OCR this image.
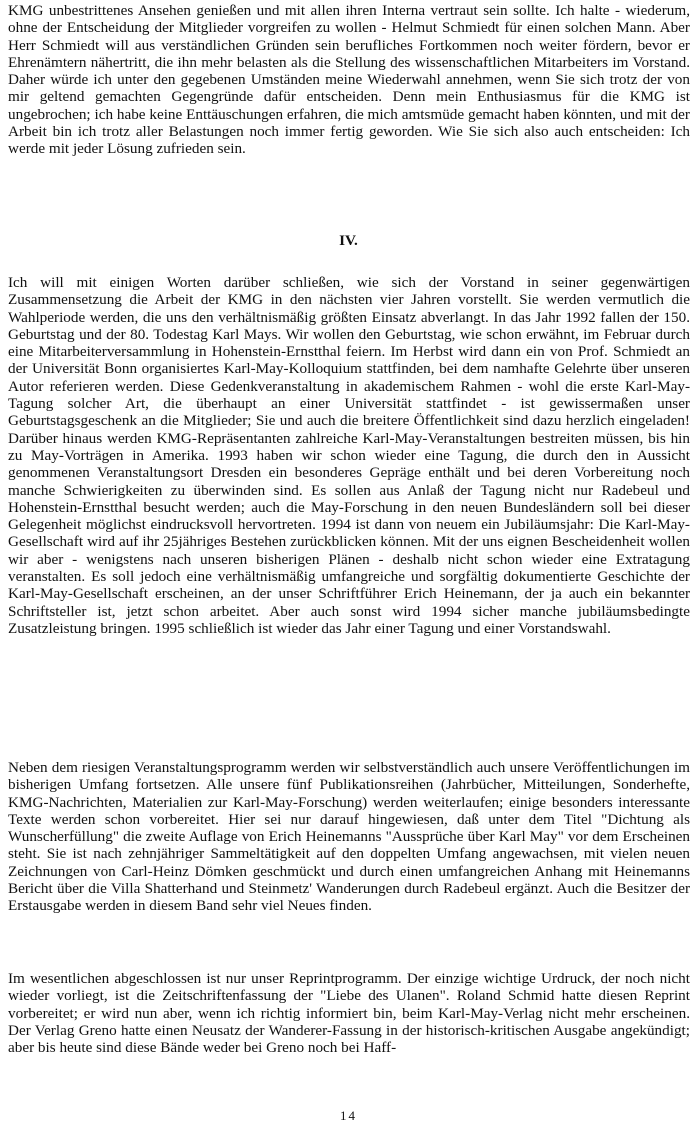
KMG unbestrittenes Ansehen genießen und mit allen ihren Interna vertraut sein sollte. Ich halte - wiederum, ohne der Entscheidung der Mitglieder vorgreifen zu wollen - Helmut Schmiedt für einen solchen Mann. Aber Herr Schmiedt will aus verständlichen Gründen sein berufliches Fortkommen noch weiter fördern, bevor er Ehrenämtern nähertritt, die ihn mehr belasten als die Stellung des wissenschaftlichen Mitarbeiters im Vorstand. Daher würde ich unter den gegebenen Umständen meine Wiederwahl annehmen, wenn Sie sich trotz der von mir geltend gemachten Gegengründe dafür entscheiden. Denn mein Enthusiasmus für die KMG ist ungebrochen; ich habe keine Enttäuschungen erfahren, die mich amtsmüde gemacht haben könnten, und mit der Arbeit bin ich trotz aller Belastungen noch immer fertig geworden. Wie Sie sich also auch entscheiden: Ich werde mit jeder Lösung zufrieden sein.

IV.

Ich will mit einigen Worten darüber schließen, wie sich der Vorstand in seiner gegenwärtigen Zusammensetzung die Arbeit der KMG in den nächsten vier Jahren vorstellt. Sie werden vermutlich die Wahlperiode werden, die uns den verhältnismäßig größten Einsatz abverlangt. In das Jahr 1992 fallen der 150. Geburtstag und der 80. Todestag Karl Mays. Wir wollen den Geburtstag, wie schon erwähnt, im Februar durch eine Mitarbeiterversammlung in Hohenstein-Ernstthal feiern. Im Herbst wird dann ein von Prof. Schmiedt an der Universität Bonn organisiertes Karl-May-Kolloquium stattfinden, bei dem namhafte Gelehrte über unseren Autor referieren werden. Diese Gedenkveranstaltung in akademischem Rahmen - wohl die erste Karl-May-Tagung solcher Art, die überhaupt an einer Universität stattfindet - ist gewissermaßen unser Geburtstagsgeschenk an die Mitglieder; Sie und auch die breitere Öffentlichkeit sind dazu herzlich eingeladen! Darüber hinaus werden KMG-Repräsentanten zahlreiche Karl-May-Veranstaltungen bestreiten müssen, bis hin zu May-Vorträgen in Amerika. 1993 haben wir schon wieder eine Tagung, die durch den in Aussicht genommenen Veranstaltungsort Dresden ein besonderes Gepräge enthält und bei deren Vorbereitung noch manche Schwierigkeiten zu überwinden sind. Es sollen aus Anlaß der Tagung nicht nur Radebeul und Hohenstein-Ernstthal besucht werden; auch die May-Forschung in den neuen Bundesländern soll bei dieser Gelegenheit möglichst eindrucksvoll hervortreten. 1994 ist dann von neuem ein Jubiläumsjahr: Die Karl-May-Gesellschaft wird auf ihr 25jähriges Bestehen zurückblicken können. Mit der uns eignen Bescheidenheit wollen wir aber - wenigstens nach unseren bisherigen Plänen - deshalb nicht schon wieder eine Extratagung veranstalten. Es soll jedoch eine verhältnismäßig umfangreiche und sorgfältig dokumentierte Geschichte der Karl-May-Gesellschaft erscheinen, an der unser Schriftführer Erich Heinemann, der ja auch ein bekannter Schriftsteller ist, jetzt schon arbeitet. Aber auch sonst wird 1994 sicher manche jubiläumsbedingte Zusatzleistung bringen. 1995 schließlich ist wieder das Jahr einer Tagung und einer Vorstandswahl.

Neben dem riesigen Veranstaltungsprogramm werden wir selbstverständlich auch unsere Veröffentlichungen im bisherigen Umfang fortsetzen. Alle unsere fünf Publikationsreihen (Jahrbücher, Mitteilungen, Sonderhefte, KMG-Nachrichten, Materialien zur Karl-May-Forschung) werden weiterlaufen; einige besonders interessante Texte werden schon vorbereitet. Hier sei nur darauf hingewiesen, daß unter dem Titel "Dichtung als Wunscherfüllung" die zweite Auflage von Erich Heinemanns "Aussprüche über Karl May" vor dem Erscheinen steht. Sie ist nach zehnjähriger Sammeltätigkeit auf den doppelten Umfang angewachsen, mit vielen neuen Zeichnungen von Carl-Heinz Dömken geschmückt und durch einen umfangreichen Anhang mit Heinemanns Bericht über die Villa Shatterhand und Steinmetz' Wanderungen durch Radebeul ergänzt. Auch die Besitzer der Erstausgabe werden in diesem Band sehr viel Neues finden.

Im wesentlichen abgeschlossen ist nur unser Reprintprogramm. Der einzige wichtige Urdruck, der noch nicht wieder vorliegt, ist die Zeitschriftenfassung der "Liebe des Ulanen". Roland Schmid hatte diesen Reprint vorbereitet; er wird nun aber, wenn ich richtig informiert bin, beim Karl-May-Verlag nicht mehr erscheinen. Der Verlag Greno hatte einen Neusatz der Wanderer-Fassung in der historisch-kritischen Ausgabe angekündigt; aber bis heute sind diese Bände weder bei Greno noch bei Haff-

14
